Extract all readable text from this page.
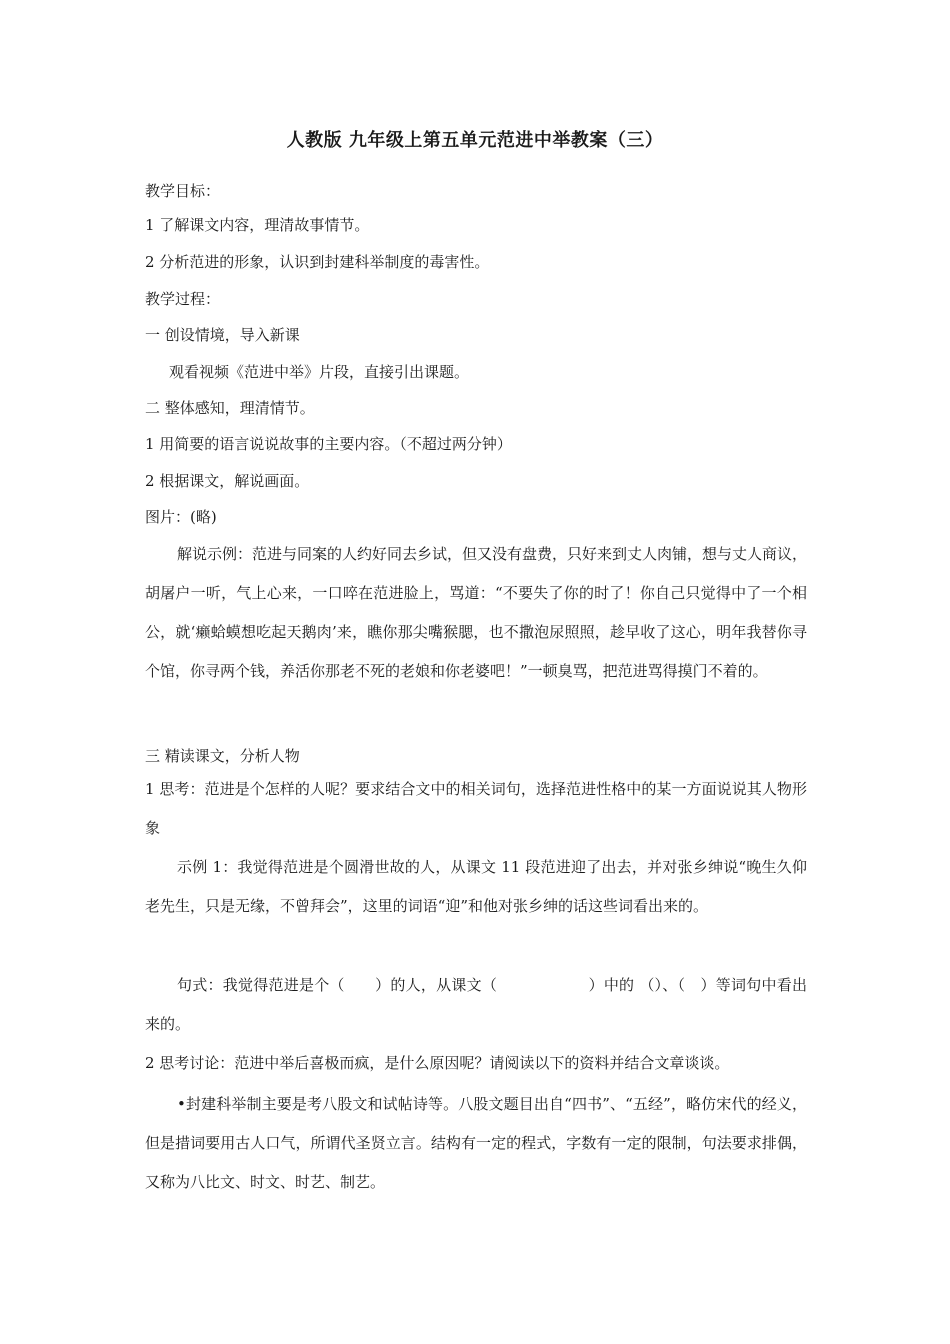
人教版 九年级上第五单元范进中举教案（三）
教学目标：
1 了解课文内容，理清故事情节。
2 分析范进的形象，认识到封建科举制度的毒害性。
教学过程：
一 创设情境，导入新课
观看视频《范进中举》片段，直接引出课题。
二 整体感知，理清情节。
1 用简要的语言说说故事的主要内容。（不超过两分钟）
2 根据课文，解说画面。
图片：(略)
解说示例：范进与同案的人约好同去乡试，但又没有盘费，只好来到丈人肉铺，想与丈人商议，胡屠户一听，气上心来，一口啐在范进脸上，骂道：“不要失了你的时了！你自己只觉得中了一个相公，就‘癞蛤蟆想吃起天鹅肉’来，瞧你那尖嘴猴腮，也不撒泡尿照照，趁早收了这心，明年我替你寻个馆，你寻两个钱，养活你那老不死的老娘和你老婆吧！”一顿臭骂，把范进骂得摸门不着的。
三 精读课文，分析人物
1 思考：范进是个怎样的人呢？要求结合文中的相关词句，选择范进性格中的某一方面说说其人物形象
示例 1：我觉得范进是个圆滑世故的人，从课文 11 段范进迎了出去，并对张乡绅说“晚生久仰老先生，只是无缘，不曾拜会”，这里的词语“迎”和他对张乡绅的话这些词看出来的。
句式：我觉得范进是个（　　）的人，从课文（　　　　　　）中的 （）、（　）等词句中看出来的。
2 思考讨论：范进中举后喜极而疯，是什么原因呢？请阅读以下的资料并结合文章谈谈。
•封建科举制主要是考八股文和试帖诗等。八股文题目出自“四书”、“五经”，略仿宋代的经义，但是措词要用古人口气，所谓代圣贤立言。结构有一定的程式，字数有一定的限制，句法要求排偶，又称为八比文、时文、时艺、制艺。
